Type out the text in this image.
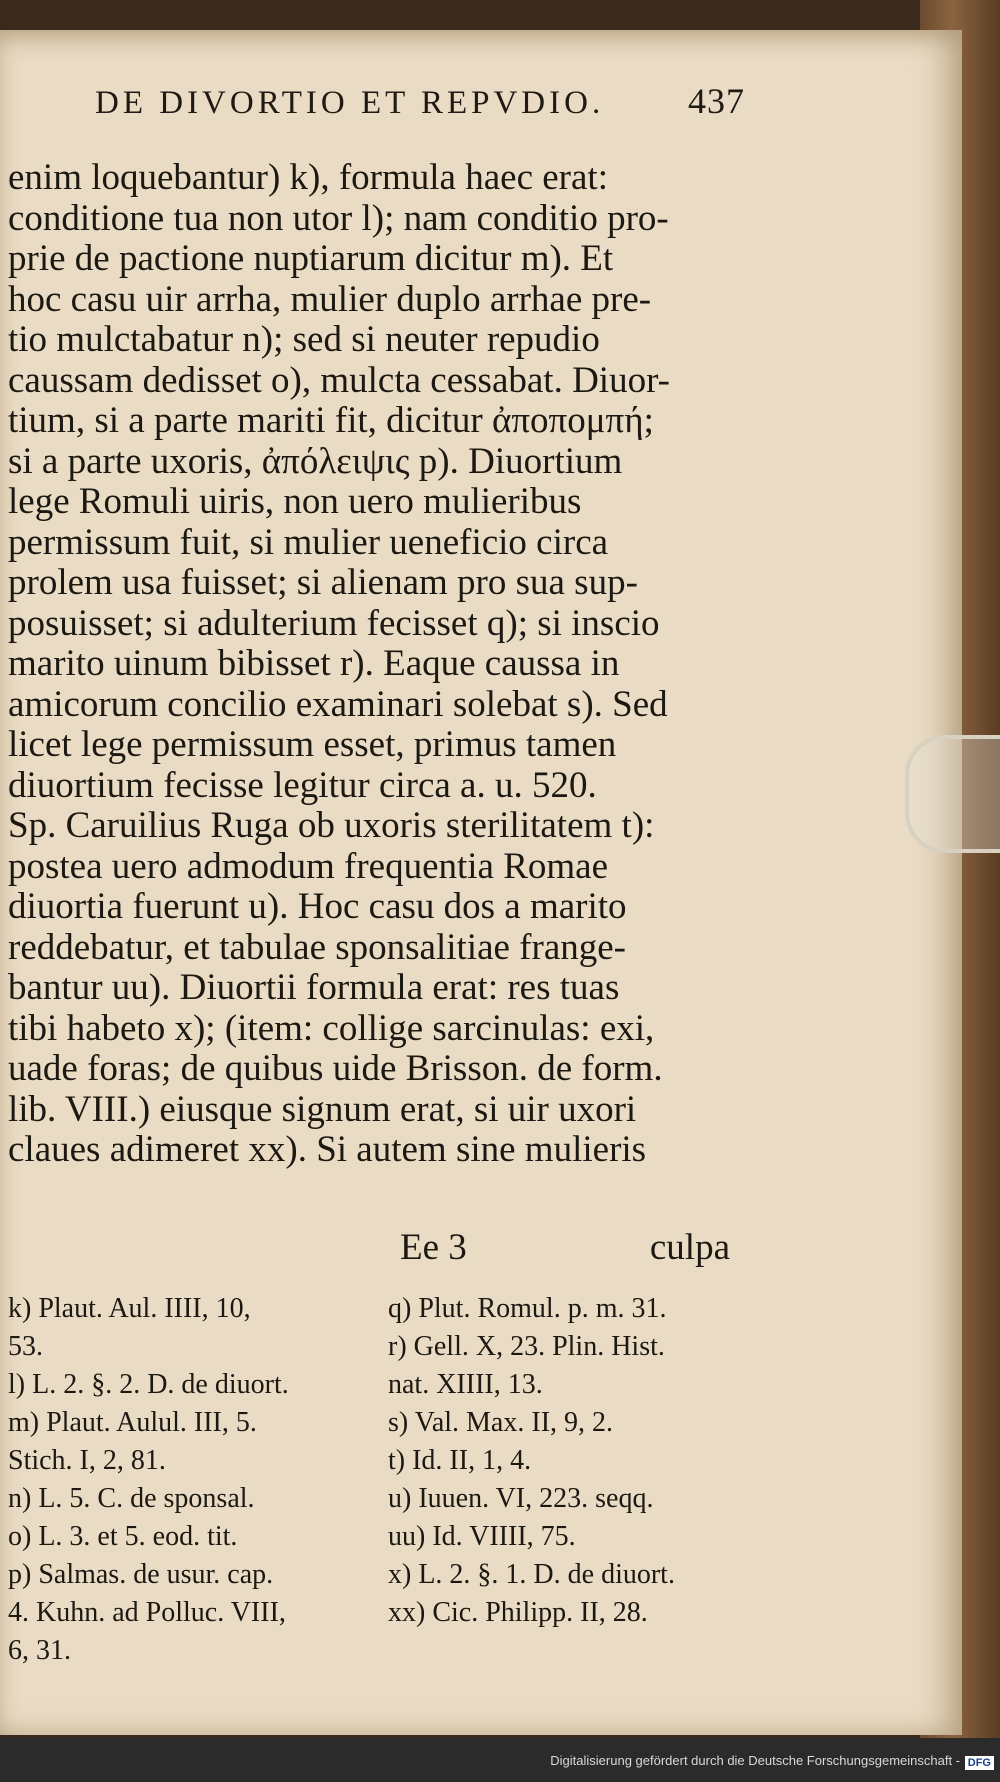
DE DIVORTIO ET REPVDIO. 437
enim loquebantur) k), formula haec erat:
conditione tua non utor l); nam conditio pro-
prie de pactione nuptiarum dicitur m). Et
hoc casu uir arrha, mulier duplo arrhae pre-
tio mulctabatur n); sed si neuter repudio
caussam dedisset o), mulcta cessabat. Diuor-
tium, si a parte mariti fit, dicitur ἀποπομπή;
si a parte uxoris, ἀπόλειψις p). Diuortium
lege Romuli uiris, non uero mulieribus
permissum fuit, si mulier ueneficio circa
prolem usa fuisset; si alienam pro sua sup-
posuisset; si adulterium fecisset q); si inscio
marito uinum bibisset r). Eaque caussa in
amicorum concilio examinari solebat s). Sed
licet lege permissum esset, primus tamen
diuortium fecisse legitur circa a. u. 520.
Sp. Caruilius Ruga ob uxoris sterilitatem t):
postea uero admodum frequentia Romae
diuortia fuerunt u). Hoc casu dos a marito
reddebatur, et tabulae sponsalitiae frange-
bantur uu). Diuortii formula erat: res tuas
tibi habeto x); (item: collige sarcinulas: exi,
uade foras; de quibus uide Brisson. de form.
lib. VIII.) eiusque signum erat, si uir uxori
claues adimeret xx). Si autem sine mulieris
Ee 3	culpa

k) Plaut. Aul. IIII, 10,

53.

l) L. 2. §. 2. D. de diuort.

m) Plaut. Aulul. III, 5.

Stich. I, 2, 81.

n) L. 5. C. de sponsal.

o) L. 3. et 5. eod. tit.

p) Salmas. de usur. cap.

4. Kuhn. ad Polluc. VIII,

6, 31.

q) Plut. Romul. p. m. 31.

r) Gell. X, 23. Plin. Hist.

nat. XIIII, 13.

s) Val. Max. II, 9, 2.

t) Id. II, 1, 4.

u) Iuuen. VI, 223. seqq.

uu) Id. VIIII, 75.

x) L. 2. §. 1. D. de diuort.

xx) Cic. Philipp. II, 28.

Digitalisierung gefördert durch die Deutsche Forschungsgemeinschaft - DFG
